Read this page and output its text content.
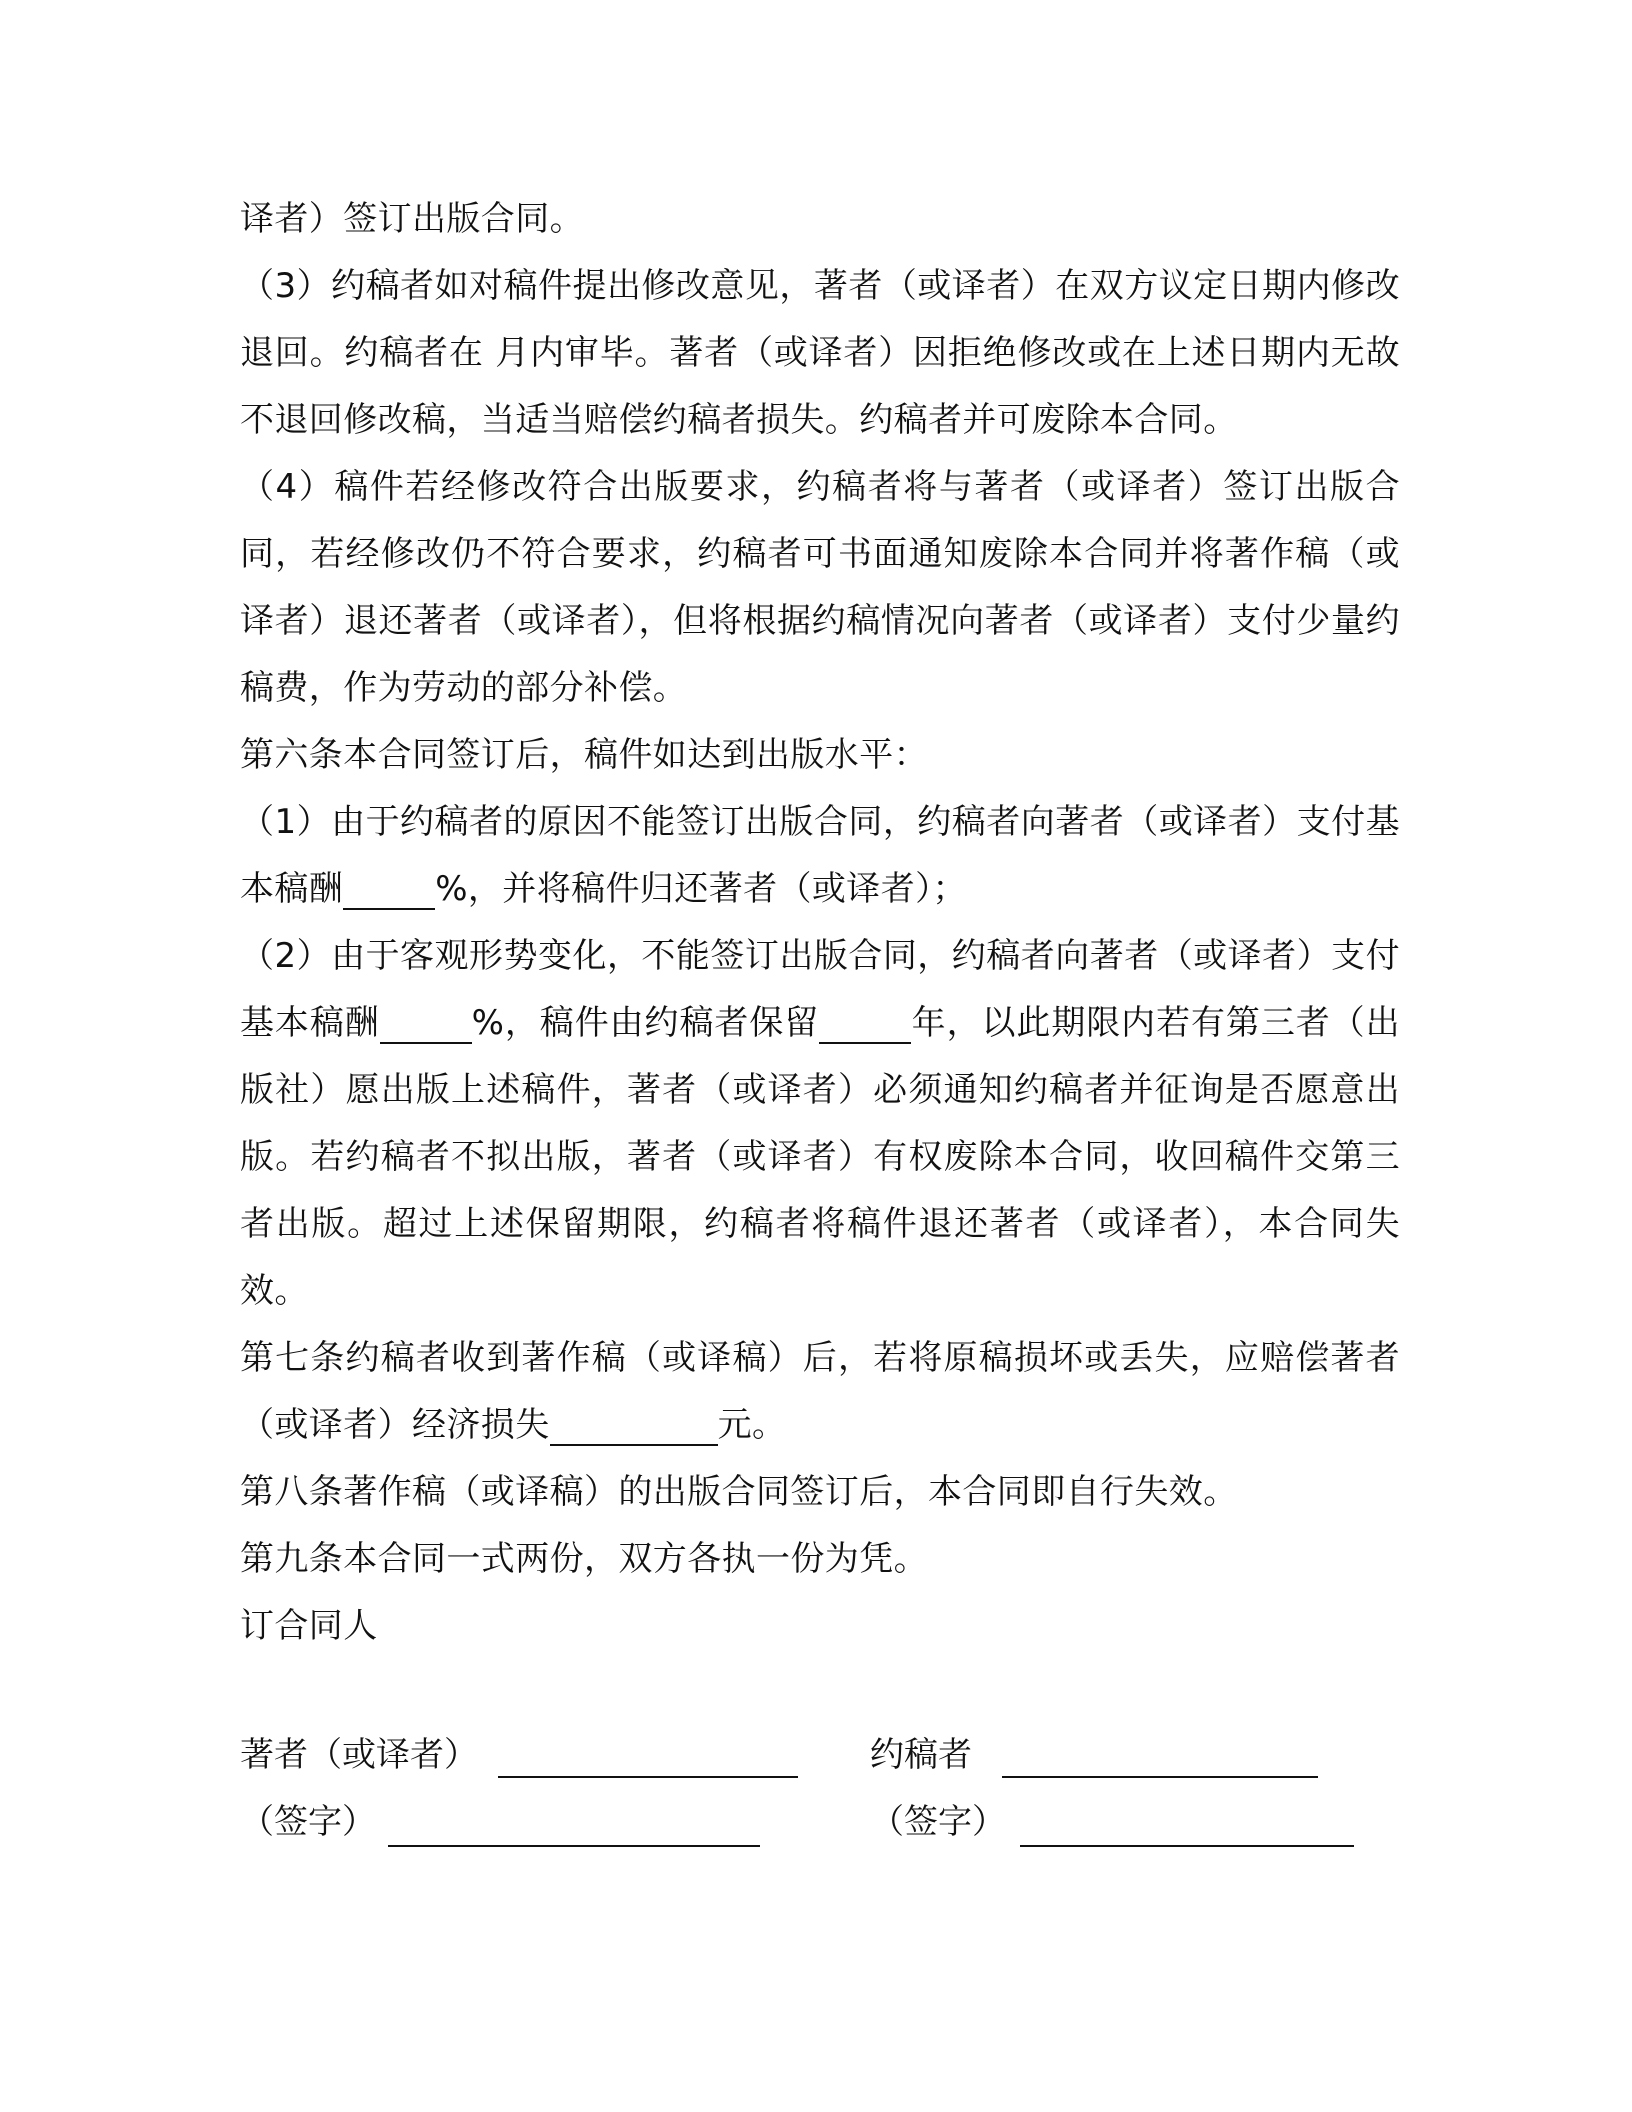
译者）签订出版合同。

（3）约稿者如对稿件提出修改意见，著者（或译者）在双方议定日期内修改退回。约稿者在 月内审毕。著者（或译者）因拒绝修改或在上述日期内无故不退回修改稿，当适当赔偿约稿者损失。约稿者并可废除本合同。

（4）稿件若经修改符合出版要求，约稿者将与著者（或译者）签订出版合同，若经修改仍不符合要求，约稿者可书面通知废除本合同并将著作稿（或译者）退还著者（或译者），但将根据约稿情况向著者（或译者）支付少量约稿费，作为劳动的部分补偿。

第六条本合同签订后，稿件如达到出版水平：

（1）由于约稿者的原因不能签订出版合同，约稿者向著者（或译者）支付基本稿酬	%，并将稿件归还著者（或译者）；

（2）由于客观形势变化，不能签订出版合同，约稿者向著者（或译者）支付基本稿酬	%，稿件由约稿者保留	年，以此期限内若有第三者（出版社）愿出版上述稿件，著者（或译者）必须通知约稿者并征询是否愿意出版。若约稿者不拟出版，著者（或译者）有权废除本合同，收回稿件交第三者出版。超过上述保留期限，约稿者将稿件退还著者（或译者），本合同失效。

第七条约稿者收到著作稿（或译稿）后，若将原稿损坏或丢失，应赔偿著者（或译者）经济损失	元。

第八条著作稿（或译稿）的出版合同签订后，本合同即自行失效。

第九条本合同一式两份，双方各执一份为凭。

订合同人

著者（或译者）	约稿者
（签字）	（签字）
